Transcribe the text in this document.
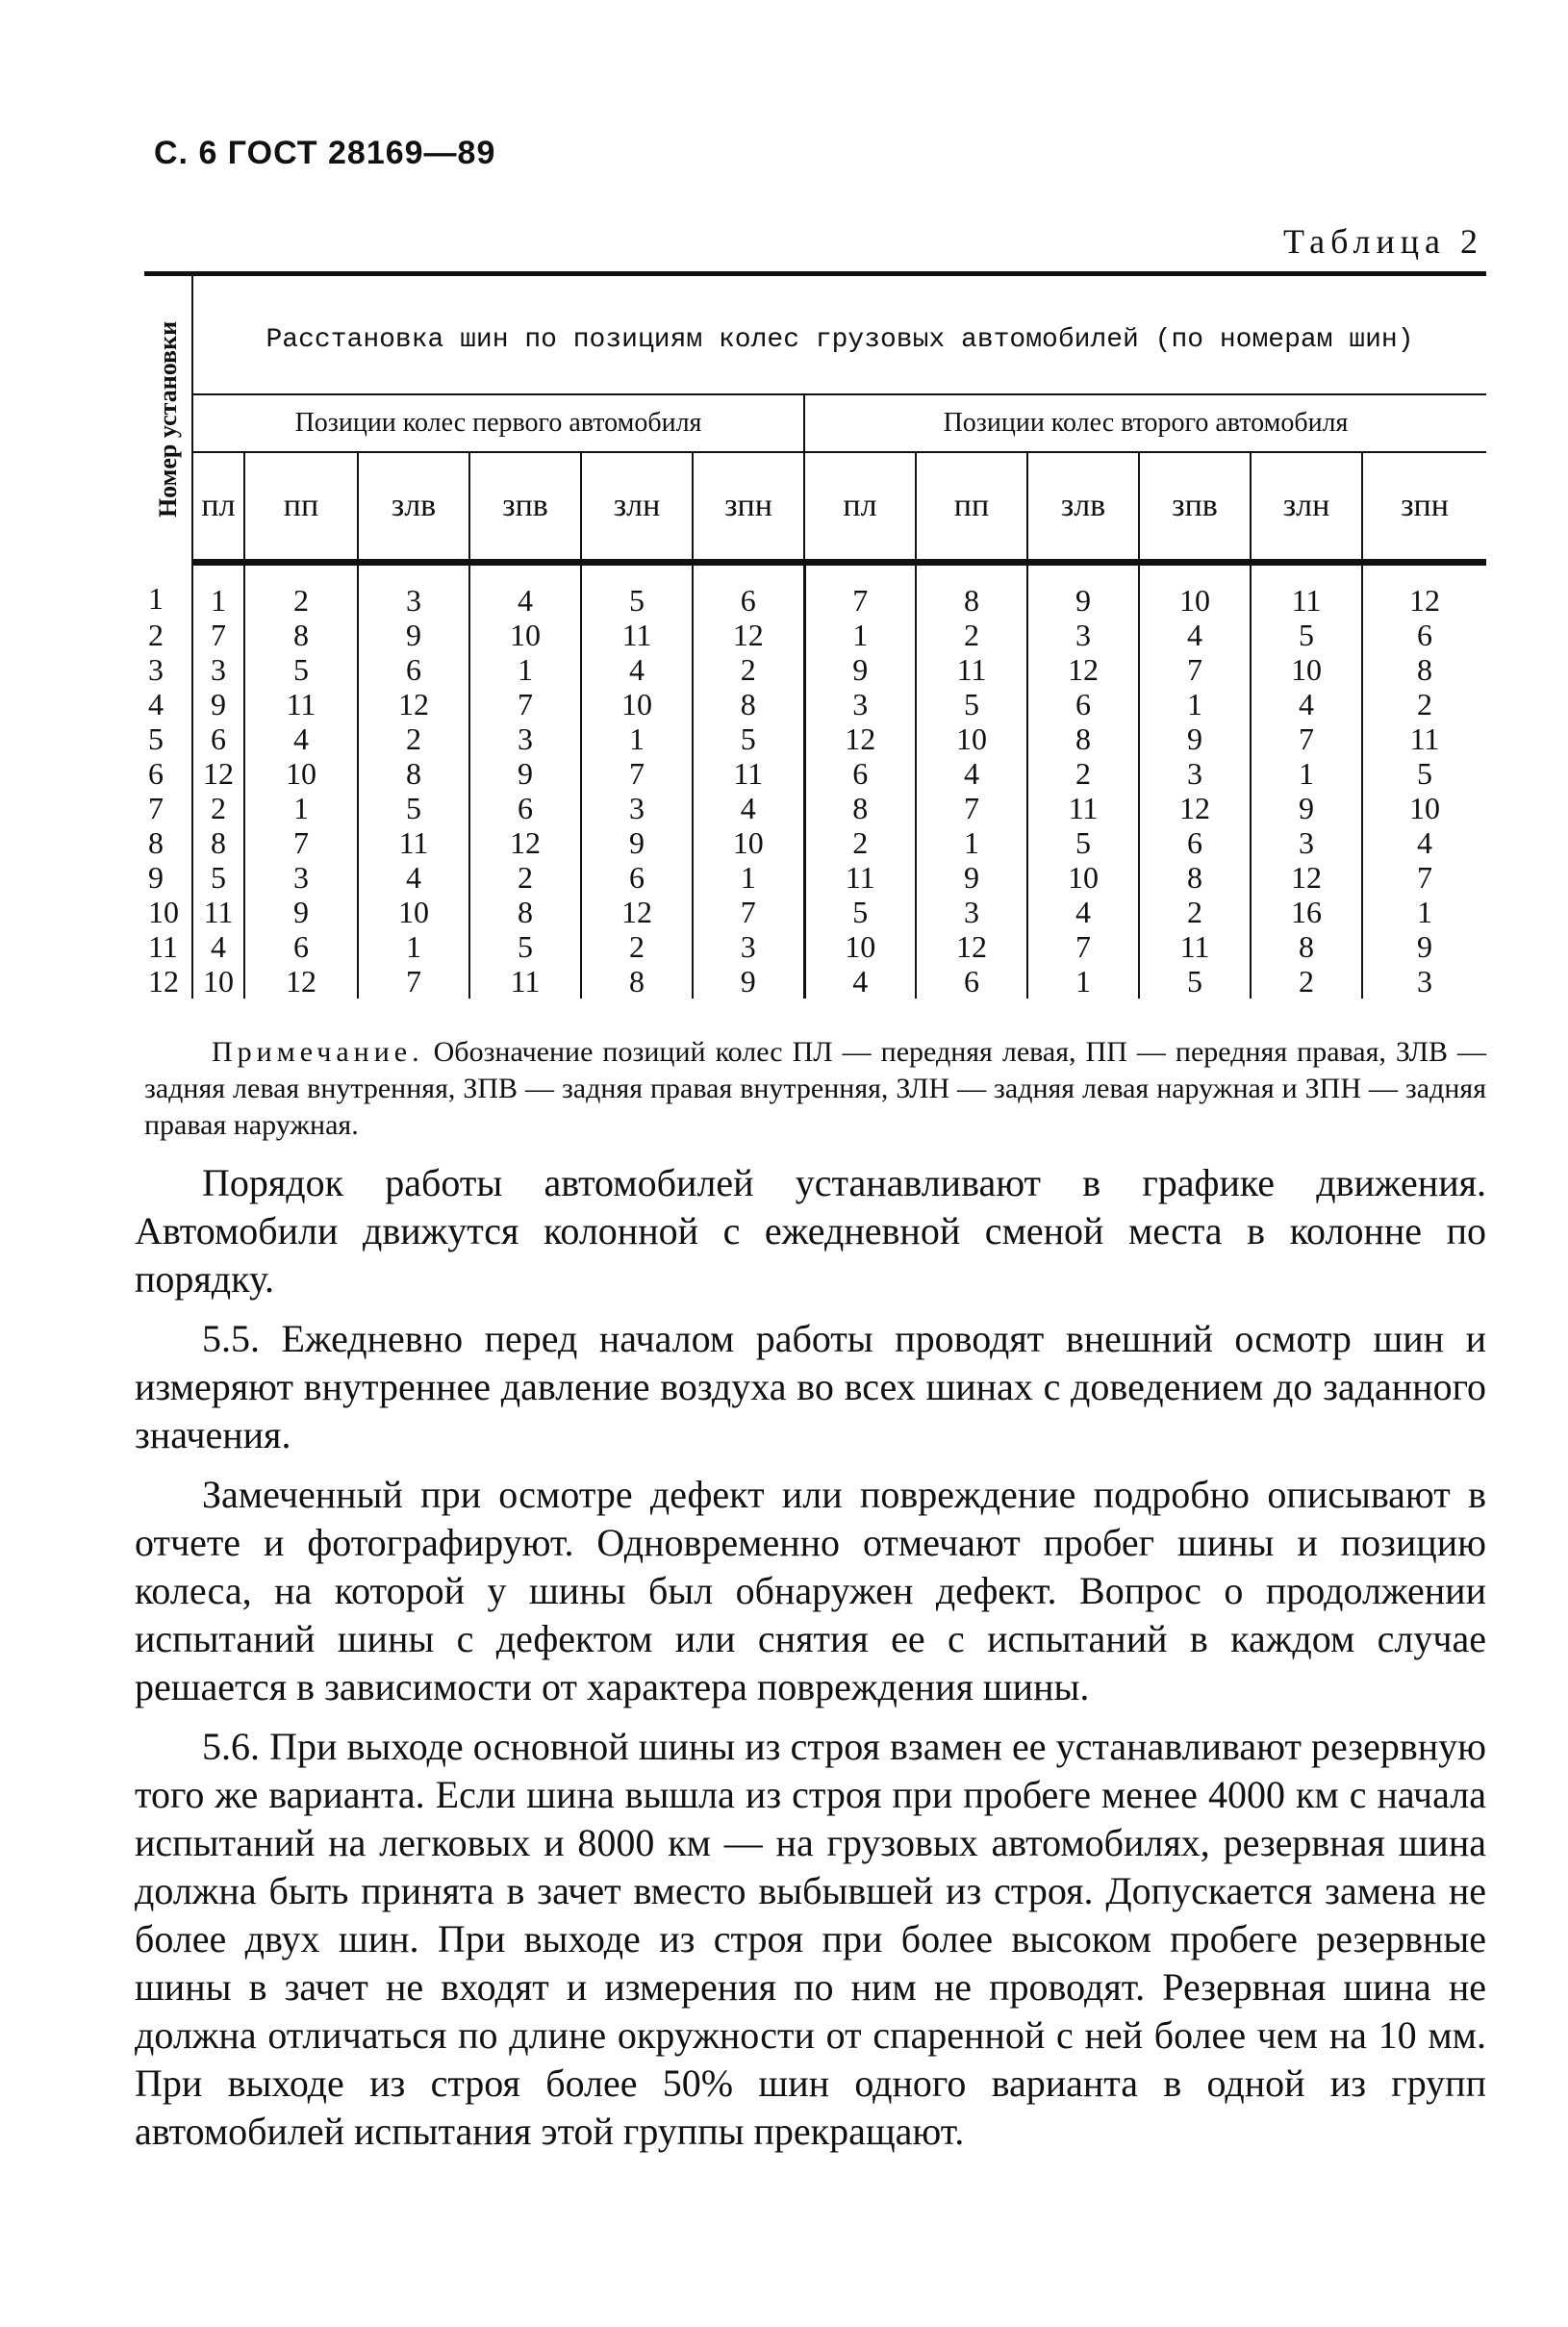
С. 6 ГОСТ 28169—89
Таблица 2
Номер установки	Расстановка шин по позициям колес грузовых автомобилей (по номерам шин)											
	Позиции колес первого автомобиля						Позиции колес второго автомобиля					
	пл	пп	злв	зпв	злн	зпн	пл	пп	злв	зпв	злн	зпн
1	1	2	3	4	5	6	7	8	9	10	11	12
2	7	8	9	10	11	12	1	2	3	4	5	6
3	3	5	6	1	4	2	9	11	12	7	10	8
4	9	11	12	7	10	8	3	5	6	1	4	2
5	6	4	2	3	1	5	12	10	8	9	7	11
6	12	10	8	9	7	11	6	4	2	3	1	5
7	2	1	5	6	3	4	8	7	11	12	9	10
8	8	7	11	12	9	10	2	1	5	6	3	4
9	5	3	4	2	6	1	11	9	10	8	12	7
10	11	9	10	8	12	7	5	3	4	2	16	1
11	4	6	1	5	2	3	10	12	7	11	8	9
12	10	12	7	11	8	9	4	6	1	5	2	3
Примечание. Обозначение позиций колес ПЛ — передняя левая, ПП — передняя правая, ЗЛВ — задняя левая внутренняя, ЗПВ — задняя правая внутренняя, ЗЛН — задняя левая наружная и ЗПН — задняя правая наружная.

Порядок работы автомобилей устанавливают в графике движения. Автомобили движутся колонной с ежедневной сменой места в колонне по порядку.

5.5. Ежедневно перед началом работы проводят внешний осмотр шин и измеряют внутреннее давление воздуха во всех шинах с доведением до заданного значения.

Замеченный при осмотре дефект или повреждение подробно описывают в отчете и фотографируют. Одновременно отмечают пробег шины и позицию колеса, на которой у шины был обнаружен дефект. Вопрос о продолжении испытаний шины с дефектом или снятия ее с испытаний в каждом случае решается в зависимости от характера повреждения шины.

5.6. При выходе основной шины из строя взамен ее устанавливают резервную того же варианта. Если шина вышла из строя при пробеге менее 4000 км с начала испытаний на легковых и 8000 км — на грузовых автомобилях, резервная шина должна быть принята в зачет вместо выбывшей из строя. Допускается замена не более двух шин. При выходе из строя при более высоком пробеге резервные шины в зачет не входят и измерения по ним не проводят. Резервная шина не должна отличаться по длине окружности от спаренной с ней более чем на 10 мм. При выходе из строя более 50% шин одного варианта в одной из групп автомобилей испытания этой группы прекращают.
